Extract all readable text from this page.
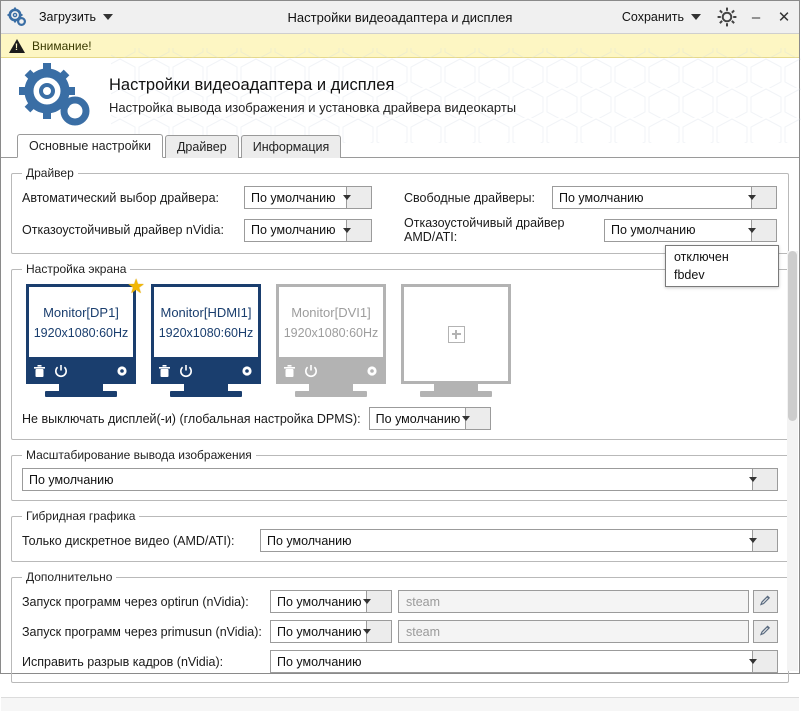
Загрузить	Настройки видеоадаптера и дисплея	Сохранить	–	✕
!
Внимание!
Настройки видеоадаптера и дисплея
Настройка вывода изображения и установка драйвера видеокарты
Основные настройки	Драйвер	Информация
Драйвер
Автоматический выбор драйвера:	По умолчанию	Свободные драйверы:	По умолчанию
Отказоустойчивый драйвер nVidia:	По умолчанию	Отказоустойчивый драйвер AMD/ATI:	По умолчанию
отключен
fbdev
Настройка экрана
★
Monitor[DP1]
1920x1080:60Hz
Monitor[HDMI1]
1920x1080:60Hz
Monitor[DVI1]
1920x1080:60Hz
Не выключать дисплей(-и) (глобальная настройка DPMS): По умолчанию
Масштабирование вывода изображения
По умолчанию
Гибридная графика
Только дискретное видео (AMD/ATI):	По умолчанию
Дополнительно
Запуск программ через optirun (nVidia):	По умолчанию	steam
Запуск программ через primusun (nVidia):	По умолчанию	steam
Исправить разрыв кадров (nVidia):	По умолчанию
